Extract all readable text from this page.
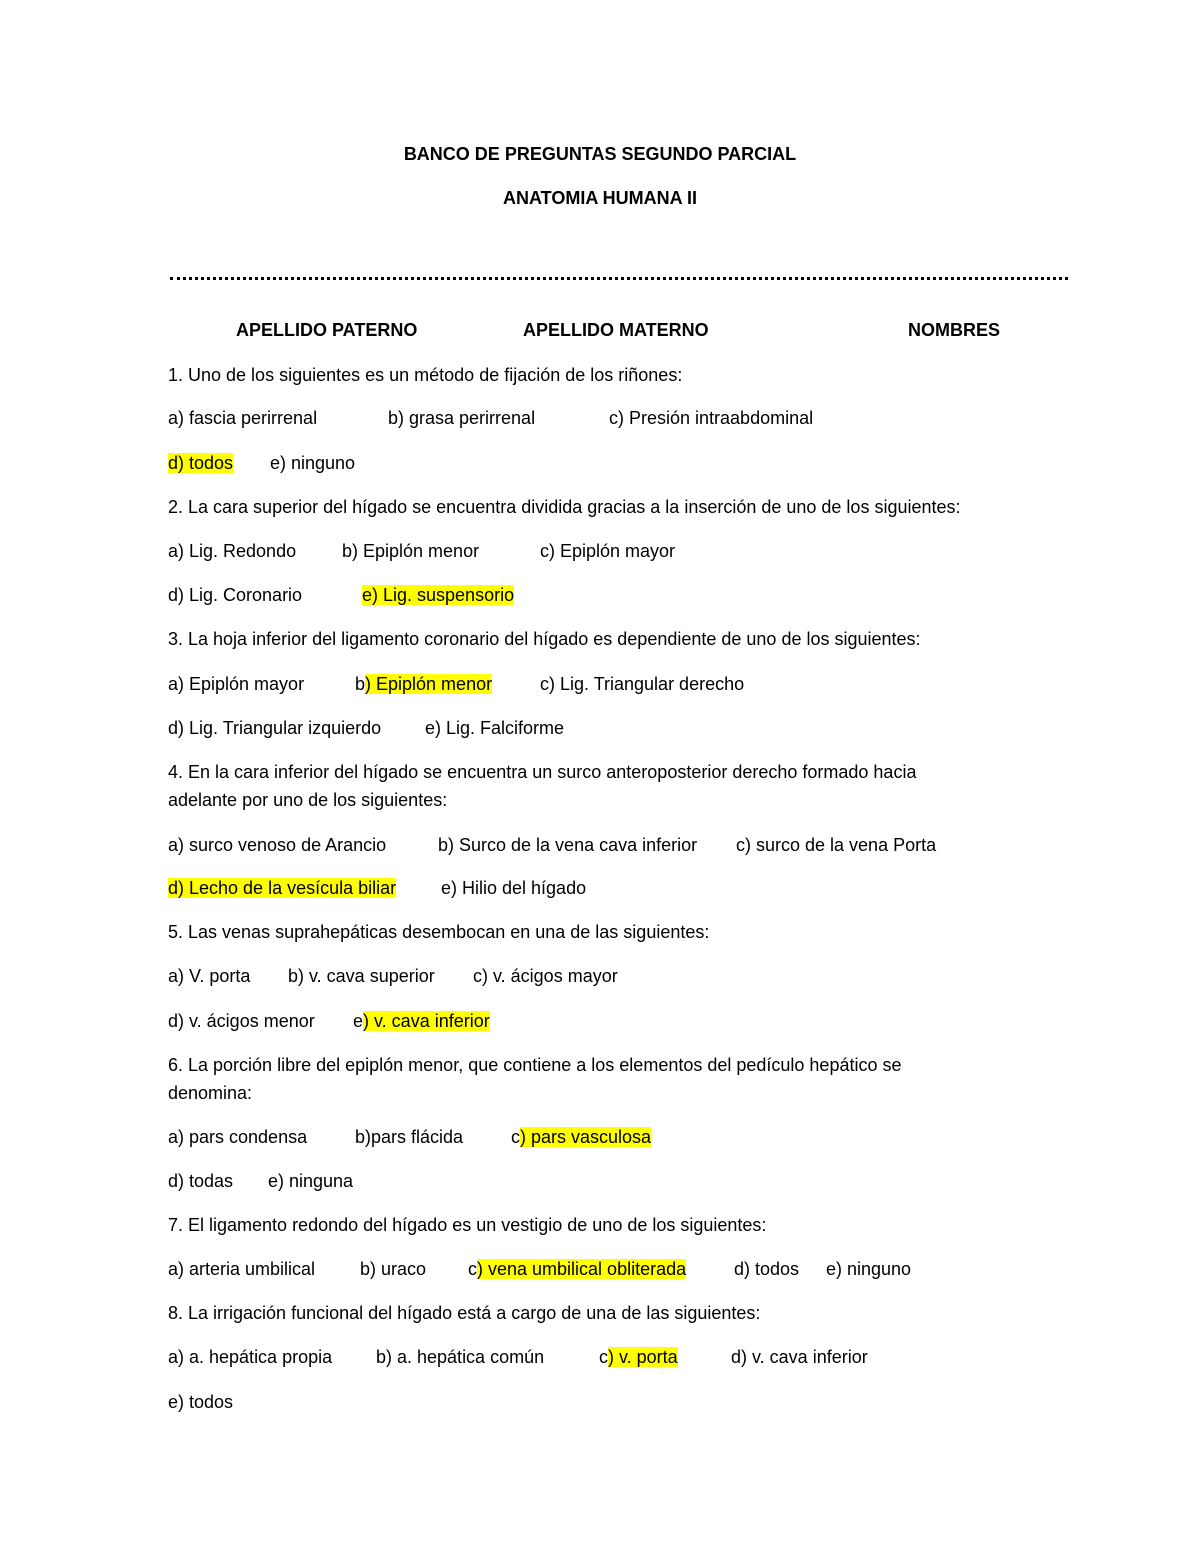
BANCO DE PREGUNTAS SEGUNDO PARCIAL
ANATOMIA HUMANA II
APELLIDO PATERNO	APELLIDO MATERNO	NOMBRES
1. Uno de los siguientes es un método de fijación de los riñones:
a) fascia perirrenal	b) grasa perirrenal	c) Presión intraabdominal
d) todos e) ninguno
2. La cara superior del hígado se encuentra dividida gracias a la inserción de uno de los siguientes:
a) Lig. Redondo	b) Epiplón menor	c) Epiplón mayor
d) Lig. Coronario	e) Lig. suspensorio
3. La hoja inferior del ligamento coronario del hígado es dependiente de uno de los siguientes:
a) Epiplón mayor	b) Epiplón menor	c) Lig. Triangular derecho
d) Lig. Triangular izquierdo e) Lig. Falciforme
4. En la cara inferior del hígado se encuentra un surco anteroposterior derecho formado hacia
adelante por uno de los siguientes:
a) surco venoso de Arancio	b) Surco de la vena cava inferior c) surco de la vena Porta
d) Lecho de la vesícula biliar e) Hilio del hígado
5. Las venas suprahepáticas desembocan en una de las siguientes:
a) V. porta b) v. cava superior c) v. ácigos mayor
d) v. ácigos menor e) v. cava inferior
6. La porción libre del epiplón menor, que contiene a los elementos del pedículo hepático se
denomina:
a) pars condensa	b)pars flácida	c) pars vasculosa
d) todas e) ninguna
7. El ligamento redondo del hígado es un vestigio de uno de los siguientes:
a) arteria umbilical b) uraco c) vena umbilical obliterada	d) todos e) ninguno
8. La irrigación funcional del hígado está a cargo de una de las siguientes:
a) a. hepática propia b) a. hepática común	c) v. porta	d) v. cava inferior
e) todos
